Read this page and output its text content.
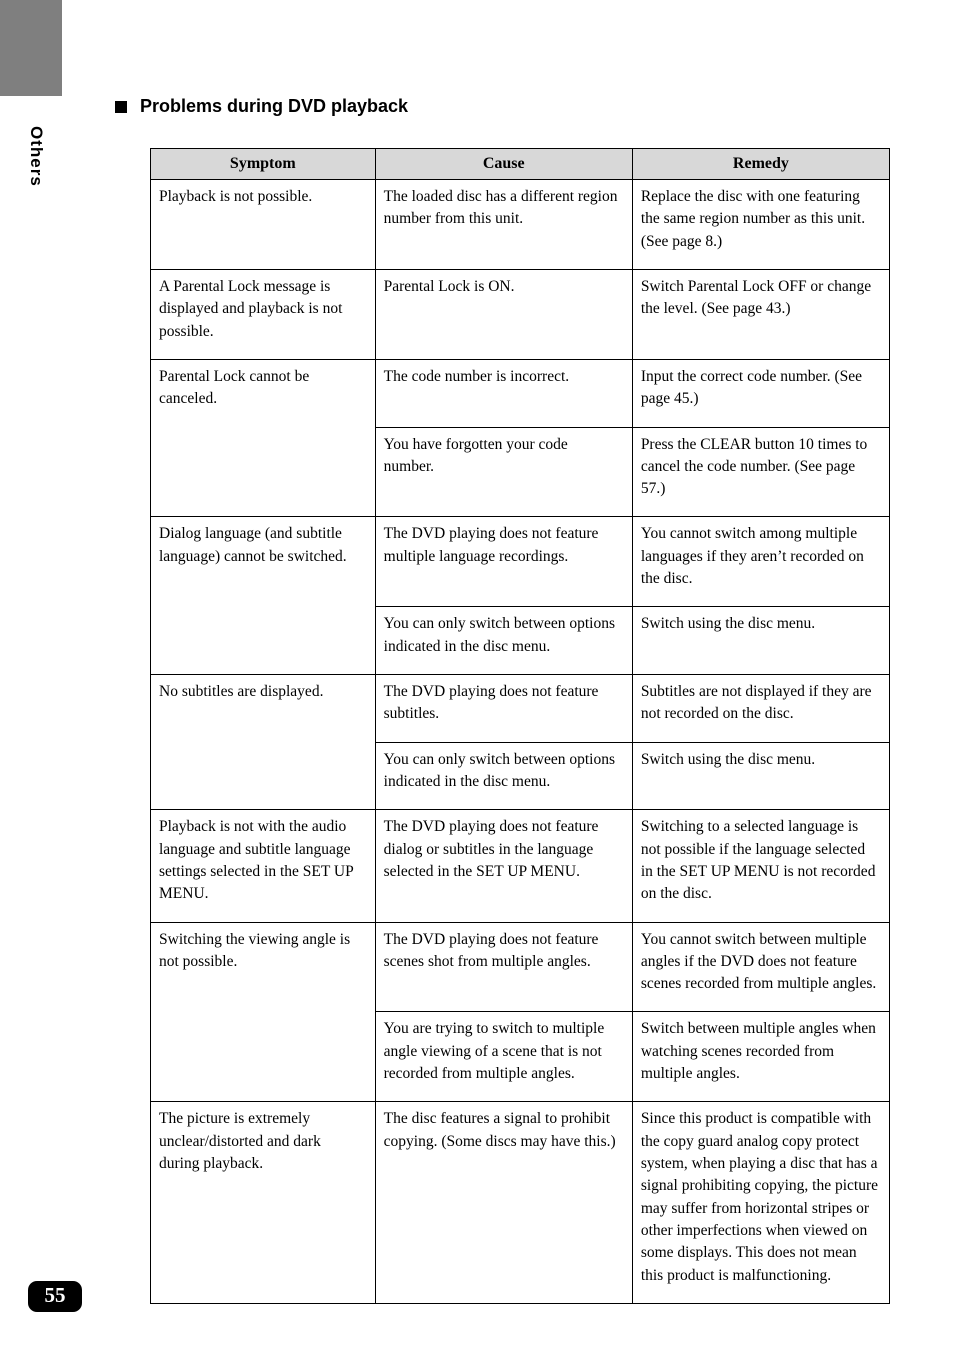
Others
Problems during DVD playback
Symptom	Cause	Remedy
Playback is not possible.	The loaded disc has a different region number from this unit.	Replace the disc with one featuring the same region number as this unit. (See page 8.)
A Parental Lock message is displayed and playback is not possible.	Parental Lock is ON.	Switch Parental Lock OFF or change the level. (See page 43.)
Parental Lock cannot be canceled.	The code number is incorrect.	Input the correct code number. (See page 45.)
	You have forgotten your code number.	Press the CLEAR button 10 times to cancel the code number. (See page 57.)
Dialog language (and subtitle language) cannot be switched.	The DVD playing does not feature multiple language recordings.	You cannot switch among multiple languages if they aren’t recorded on the disc.
	You can only switch between options indicated in the disc menu.	Switch using the disc menu.
No subtitles are displayed.	The DVD playing does not feature subtitles.	Subtitles are not displayed if they are not recorded on the disc.
	You can only switch between options indicated in the disc menu.	Switch using the disc menu.
Playback is not with the audio language and subtitle language settings selected in the SET UP MENU.	The DVD playing does not feature dialog or subtitles in the language selected in the SET UP MENU.	Switching to a selected language is not possible if the language selected in the SET UP MENU is not recorded on the disc.
Switching the viewing angle is not possible.	The DVD playing does not feature scenes shot from multiple angles.	You cannot switch between multiple angles if the DVD does not feature scenes recorded from multiple angles.
	You are trying to switch to multiple angle viewing of a scene that is not recorded from multiple angles.	Switch between multiple angles when watching scenes recorded from multiple angles.
The picture is extremely unclear/distorted and dark during playback.	The disc features a signal to prohibit copying. (Some discs may have this.)	Since this product is compatible with the copy guard analog copy protect system, when playing a disc that has a signal prohibiting copying, the picture may suffer from horizontal stripes or other imperfections when viewed on some displays. This does not mean this product is malfunctioning.
55
